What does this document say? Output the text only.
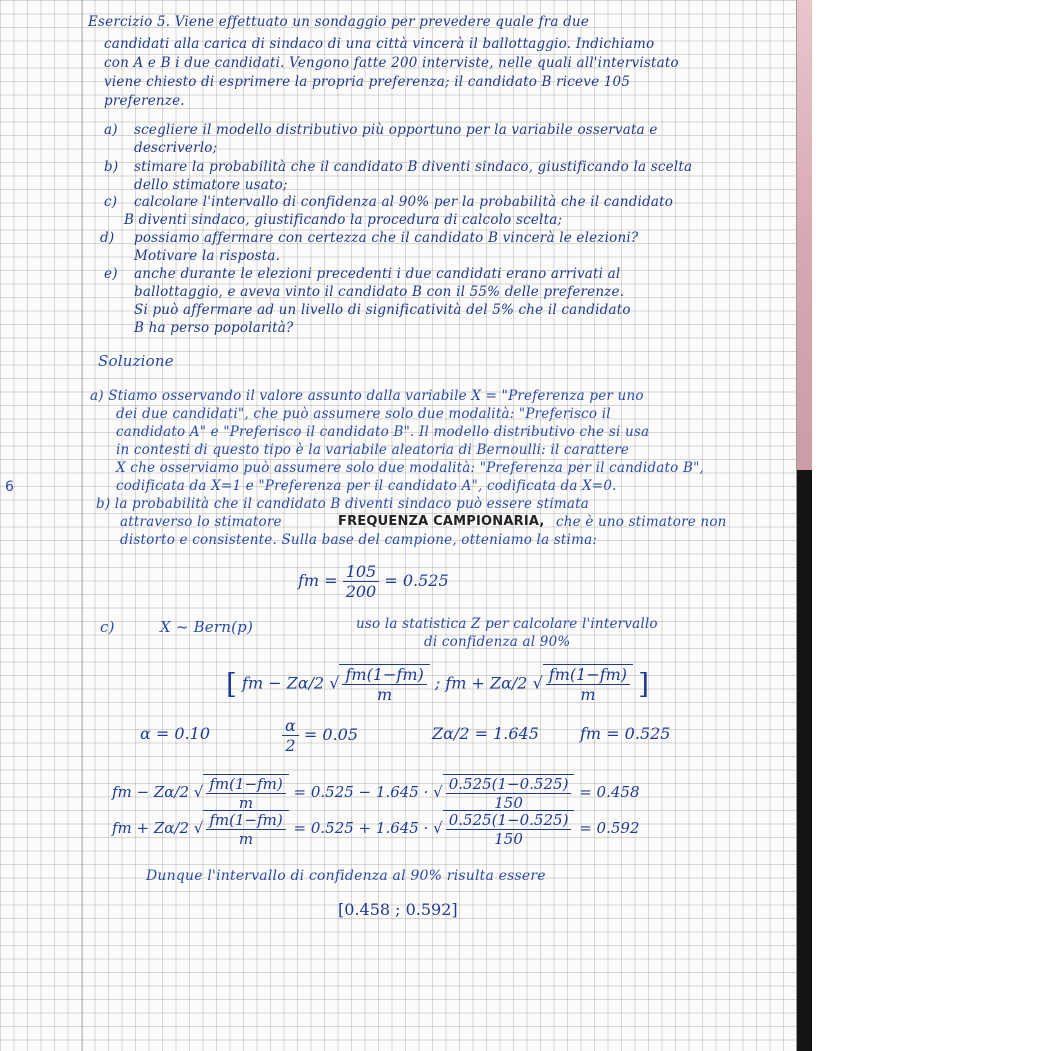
6
Esercizio 5. Viene effettuato un sondaggio per prevedere quale fra due
candidati alla carica di sindaco di una città vincerà il ballottaggio. Indichiamo
con A e B i due candidati. Vengono fatte 200 interviste, nelle quali all'intervistato
viene chiesto di esprimere la propria preferenza; il candidato B riceve 105
preferenze.
a) scegliere il modello distributivo più opportuno per la variabile osservata e
descriverlo;
b) stimare la probabilità che il candidato B diventi sindaco, giustificando la scelta
dello stimatore usato;
c) calcolare l'intervallo di confidenza al 90% per la probabilità che il candidato
B diventi sindaco, giustificando la procedura di calcolo scelta;
d) possiamo affermare con certezza che il candidato B vincerà le elezioni?
Motivare la risposta.
e) anche durante le elezioni precedenti i due candidati erano arrivati al
ballottaggio, e aveva vinto il candidato B con il 55% delle preferenze.
Si può affermare ad un livello di significatività del 5% che il candidato
B ha perso popolarità?
Soluzione
a) Stiamo osservando il valore assunto dalla variabile X = "Preferenza per uno
dei due candidati", che può assumere solo due modalità: "Preferisco il
candidato A" e "Preferisco il candidato B". Il modello distributivo che si usa
in contesti di questo tipo è la variabile aleatoria di Bernoulli: il carattere
X che osserviamo può assumere solo due modalità: "Preferenza per il candidato B",
codificata da X=1 e "Preferenza per il candidato A", codificata da X=0.
b) la probabilità che il candidato B diventi sindaco può essere stimata
attraverso lo stimatore	FREQUENZA CAMPIONARIA, che è uno stimatore non
distorto e consistente. Sulla base del campione, otteniamo la stima:
fm = $\frac{105}{200} = 0.525$
c)	X ~ Bern(p)	uso la statistica Z per calcolare l'intervallo
di confidenza al 90%
[ fm − Zα/2 √ $\frac{fm(1-fm)}{m}$ ; fm + Zα/2 √ $\frac{fm(1-fm)}{m}$ ]
α = 0.10	$\frac{\alpha}{2} = 0.05$	Zα/2 = 1.645	fm = 0.525
fm − Zα/2 √ $\frac{fm(1-fm)}{m} = 0.525 - 1.645$ · √ $\frac{0.525(1-0.525)}{150} = 0.458$
fm + Zα/2 √ $\frac{fm(1-fm)}{m} = 0.525 + 1.645$ · √ $\frac{0.525(1-0.525)}{150} = 0.592$
Dunque l'intervallo di confidenza al 90% risulta essere
[0.458 ; 0.592]
